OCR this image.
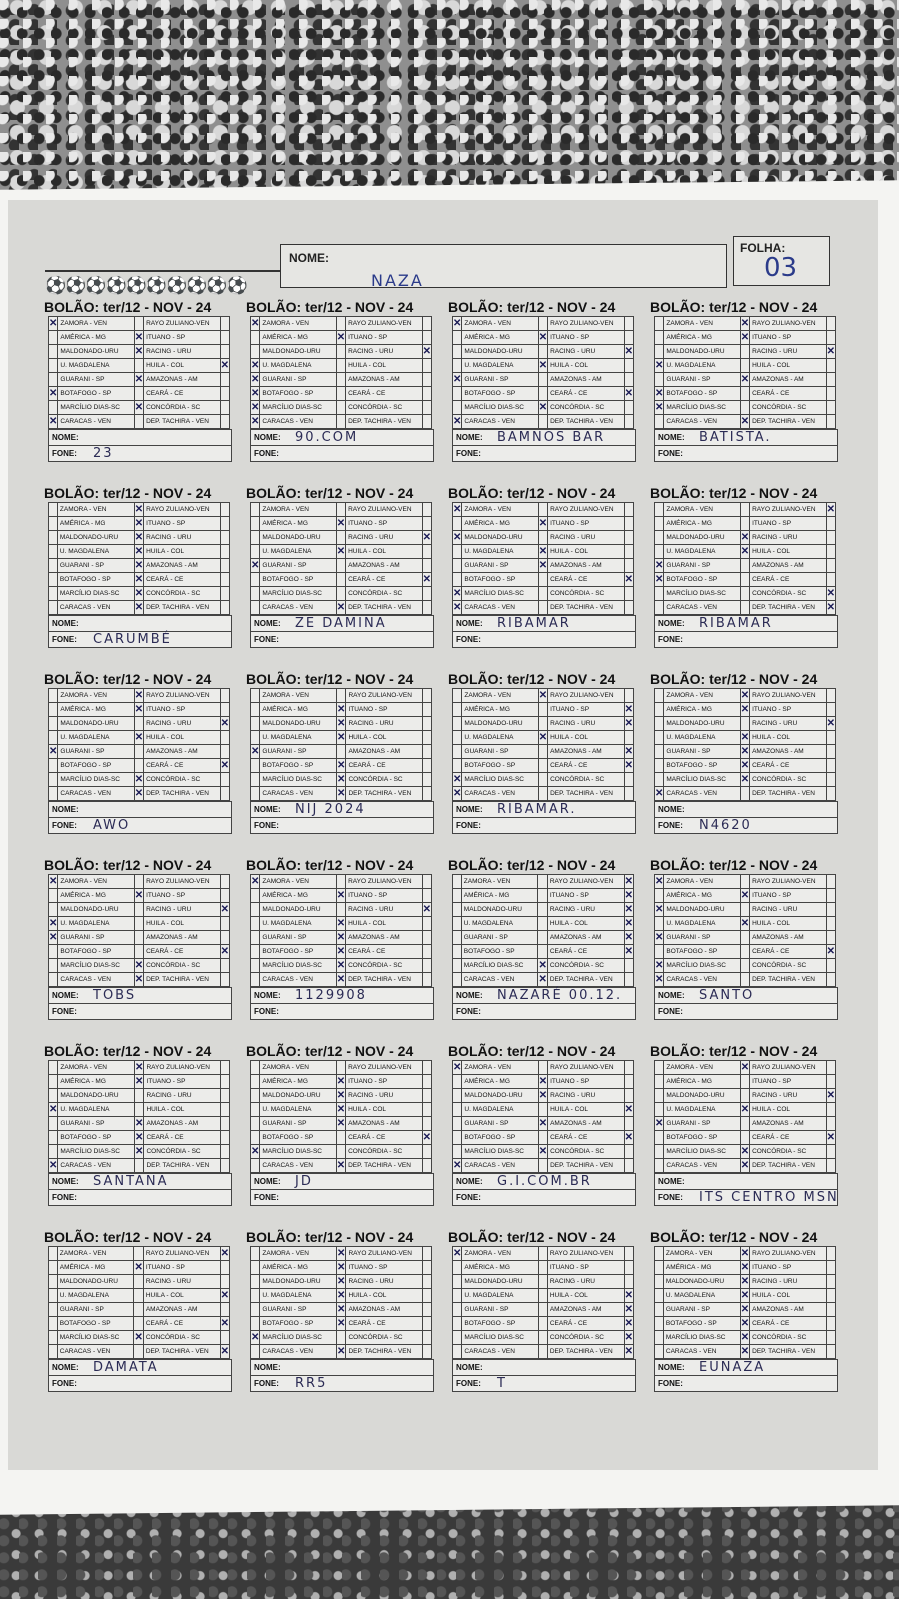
⚽⚽⚽⚽⚽⚽⚽⚽⚽⚽
NOME:
NAZA
FOLHA:
03
BOLÃO: ter/12 - NOV - 24
✕	ZAMORA - VEN		RAYO ZULIANO-VEN	
	AMÉRICA - MG	✕	ITUANO - SP	
	MALDONADO-URU	✕	RACING - URU	
	U. MAGDALENA		HUILA - COL	✕
	GUARANI - SP	✕	AMAZONAS - AM	
✕	BOTAFOGO - SP		CEARÁ - CE	
	MARCÍLIO DIAS-SC	✕	CONCÓRDIA - SC	
✕	CARACAS - VEN		DEP. TACHIRA - VEN	
NOME:
FONE: 23
BOLÃO: ter/12 - NOV - 24
✕	ZAMORA - VEN		RAYO ZULIANO-VEN	
	AMÉRICA - MG	✕	ITUANO - SP	
	MALDONADO-URU		RACING - URU	✕
✕	U. MAGDALENA		HUILA - COL	
✕	GUARANI - SP		AMAZONAS - AM	
✕	BOTAFOGO - SP		CEARÁ - CE	
✕	MARCÍLIO DIAS-SC		CONCÓRDIA - SC	
✕	CARACAS - VEN		DEP. TACHIRA - VEN	
NOME: 90.COM
FONE:
BOLÃO: ter/12 - NOV - 24
✕	ZAMORA - VEN		RAYO ZULIANO-VEN	
	AMÉRICA - MG	✕	ITUANO - SP	
	MALDONADO-URU		RACING - URU	✕
	U. MAGDALENA	✕	HUILA - COL	
✕	GUARANI - SP		AMAZONAS - AM	
	BOTAFOGO - SP		CEARÁ - CE	✕
	MARCÍLIO DIAS-SC	✕	CONCÓRDIA - SC	
✕	CARACAS - VEN		DEP. TACHIRA - VEN	
NOME: BAMNOS BAR
FONE:
BOLÃO: ter/12 - NOV - 24
	ZAMORA - VEN	✕	RAYO ZULIANO-VEN	
	AMÉRICA - MG	✕	ITUANO - SP	
	MALDONADO-URU		RACING - URU	✕
✕	U. MAGDALENA		HUILA - COL	
	GUARANI - SP	✕	AMAZONAS - AM	
✕	BOTAFOGO - SP		CEARÁ - CE	
✕	MARCÍLIO DIAS-SC		CONCÓRDIA - SC	
	CARACAS - VEN	✕	DEP. TACHIRA - VEN	
NOME: BATISTA.
FONE:
BOLÃO: ter/12 - NOV - 24
	ZAMORA - VEN	✕	RAYO ZULIANO-VEN	
	AMÉRICA - MG	✕	ITUANO - SP	
	MALDONADO-URU	✕	RACING - URU	
	U. MAGDALENA	✕	HUILA - COL	
	GUARANI - SP	✕	AMAZONAS - AM	
	BOTAFOGO - SP	✕	CEARÁ - CE	
	MARCÍLIO DIAS-SC	✕	CONCÓRDIA - SC	
	CARACAS - VEN	✕	DEP. TACHIRA - VEN	
NOME:
FONE: CARUMBÉ
BOLÃO: ter/12 - NOV - 24
	ZAMORA - VEN		RAYO ZULIANO-VEN	
	AMÉRICA - MG	✕	ITUANO - SP	
	MALDONADO-URU		RACING - URU	✕
	U. MAGDALENA	✕	HUILA - COL	
✕	GUARANI - SP		AMAZONAS - AM	
	BOTAFOGO - SP		CEARÁ - CE	✕
	MARCÍLIO DIAS-SC		CONCÓRDIA - SC	
	CARACAS - VEN	✕	DEP. TACHIRA - VEN	
NOME: ZE DAMINA
FONE:
BOLÃO: ter/12 - NOV - 24
✕	ZAMORA - VEN		RAYO ZULIANO-VEN	
	AMÉRICA - MG	✕	ITUANO - SP	
✕	MALDONADO-URU		RACING - URU	
	U. MAGDALENA	✕	HUILA - COL	
	GUARANI - SP	✕	AMAZONAS - AM	
	BOTAFOGO - SP		CEARÁ - CE	✕
✕	MARCÍLIO DIAS-SC		CONCÓRDIA - SC	
✕	CARACAS - VEN		DEP. TACHIRA - VEN	
NOME: RIBAMAR
FONE:
BOLÃO: ter/12 - NOV - 24
	ZAMORA - VEN		RAYO ZULIANO-VEN	✕
	AMÉRICA - MG		ITUANO - SP	
	MALDONADO-URU	✕	RACING - URU	
	U. MAGDALENA	✕	HUILA - COL	
✕	GUARANI - SP		AMAZONAS - AM	
✕	BOTAFOGO - SP		CEARÁ - CE	
	MARCÍLIO DIAS-SC		CONCÓRDIA - SC	✕
	CARACAS - VEN		DEP. TACHIRA - VEN	✕
NOME: RIBAMAR
FONE:
BOLÃO: ter/12 - NOV - 24
	ZAMORA - VEN	✕	RAYO ZULIANO-VEN	
	AMÉRICA - MG	✕	ITUANO - SP	
	MALDONADO-URU		RACING - URU	✕
	U. MAGDALENA	✕	HUILA - COL	
✕	GUARANI - SP		AMAZONAS - AM	
	BOTAFOGO - SP		CEARÁ - CE	✕
	MARCÍLIO DIAS-SC	✕	CONCÓRDIA - SC	
	CARACAS - VEN	✕	DEP. TACHIRA - VEN	
NOME:
FONE: AWO
BOLÃO: ter/12 - NOV - 24
	ZAMORA - VEN		RAYO ZULIANO-VEN	
	AMÉRICA - MG	✕	ITUANO - SP	
	MALDONADO-URU	✕	RACING - URU	
	U. MAGDALENA	✕	HUILA - COL	
✕	GUARANI - SP		AMAZONAS - AM	
	BOTAFOGO - SP	✕	CEARÁ - CE	
	MARCÍLIO DIAS-SC	✕	CONCÓRDIA - SC	
	CARACAS - VEN	✕	DEP. TACHIRA - VEN	
NOME: NIJ 2024
FONE:
BOLÃO: ter/12 - NOV - 24
	ZAMORA - VEN	✕	RAYO ZULIANO-VEN	
	AMÉRICA - MG		ITUANO - SP	✕
	MALDONADO-URU		RACING - URU	✕
	U. MAGDALENA	✕	HUILA - COL	
	GUARANI - SP		AMAZONAS - AM	✕
	BOTAFOGO - SP		CEARÁ - CE	✕
✕	MARCÍLIO DIAS-SC		CONCÓRDIA - SC	
✕	CARACAS - VEN		DEP. TACHIRA - VEN	
NOME: RIBAMAR.
FONE:
BOLÃO: ter/12 - NOV - 24
	ZAMORA - VEN	✕	RAYO ZULIANO-VEN	
	AMÉRICA - MG	✕	ITUANO - SP	
	MALDONADO-URU		RACING - URU	✕
	U. MAGDALENA	✕	HUILA - COL	
	GUARANI - SP	✕	AMAZONAS - AM	
	BOTAFOGO - SP	✕	CEARÁ - CE	
	MARCÍLIO DIAS-SC	✕	CONCÓRDIA - SC	
✕	CARACAS - VEN		DEP. TACHIRA - VEN	
NOME:
FONE: N4620
BOLÃO: ter/12 - NOV - 24
✕	ZAMORA - VEN		RAYO ZULIANO-VEN	
	AMÉRICA - MG	✕	ITUANO - SP	
	MALDONADO-URU		RACING - URU	✕
✕	U. MAGDALENA		HUILA - COL	
✕	GUARANI - SP		AMAZONAS - AM	
	BOTAFOGO - SP		CEARÁ - CE	✕
	MARCÍLIO DIAS-SC	✕	CONCÓRDIA - SC	
	CARACAS - VEN	✕	DEP. TACHIRA - VEN	
NOME: TOBS
FONE:
BOLÃO: ter/12 - NOV - 24
✕	ZAMORA - VEN		RAYO ZULIANO-VEN	
	AMÉRICA - MG	✕	ITUANO - SP	
	MALDONADO-URU		RACING - URU	✕
	U. MAGDALENA	✕	HUILA - COL	
	GUARANI - SP	✕	AMAZONAS - AM	
	BOTAFOGO - SP	✕	CEARÁ - CE	
	MARCÍLIO DIAS-SC	✕	CONCÓRDIA - SC	
	CARACAS - VEN	✕	DEP. TACHIRA - VEN	
NOME: 1129908
FONE:
BOLÃO: ter/12 - NOV - 24
	ZAMORA - VEN		RAYO ZULIANO-VEN	✕
	AMÉRICA - MG		ITUANO - SP	✕
	MALDONADO-URU		RACING - URU	✕
	U. MAGDALENA		HUILA - COL	✕
	GUARANI - SP		AMAZONAS - AM	✕
	BOTAFOGO - SP		CEARÁ - CE	✕
	MARCÍLIO DIAS-SC	✕	CONCÓRDIA - SC	
	CARACAS - VEN	✕	DEP. TACHIRA - VEN	
NOME: NAZARÉ 00.12.
FONE:
BOLÃO: ter/12 - NOV - 24
✕	ZAMORA - VEN		RAYO ZULIANO-VEN	
	AMÉRICA - MG	✕	ITUANO - SP	
✕	MALDONADO-URU		RACING - URU	
	U. MAGDALENA	✕	HUILA - COL	
✕	GUARANI - SP		AMAZONAS - AM	
	BOTAFOGO - SP		CEARÁ - CE	✕
✕	MARCÍLIO DIAS-SC		CONCÓRDIA - SC	
✕	CARACAS - VEN		DEP. TACHIRA - VEN	
NOME: SANTO
FONE:
BOLÃO: ter/12 - NOV - 24
	ZAMORA - VEN	✕	RAYO ZULIANO-VEN	
	AMÉRICA - MG	✕	ITUANO - SP	
	MALDONADO-URU		RACING - URU	
✕	U. MAGDALENA		HUILA - COL	
	GUARANI - SP	✕	AMAZONAS - AM	
	BOTAFOGO - SP	✕	CEARÁ - CE	
	MARCÍLIO DIAS-SC	✕	CONCÓRDIA - SC	
✕	CARACAS - VEN		DEP. TACHIRA - VEN	
NOME: SANTANA
FONE:
BOLÃO: ter/12 - NOV - 24
	ZAMORA - VEN		RAYO ZULIANO-VEN	
	AMÉRICA - MG	✕	ITUANO - SP	
	MALDONADO-URU	✕	RACING - URU	
	U. MAGDALENA	✕	HUILA - COL	
	GUARANI - SP	✕	AMAZONAS - AM	
	BOTAFOGO - SP		CEARÁ - CE	✕
✕	MARCÍLIO DIAS-SC		CONCÓRDIA - SC	
	CARACAS - VEN	✕	DEP. TACHIRA - VEN	
NOME: JD
FONE:
BOLÃO: ter/12 - NOV - 24
✕	ZAMORA - VEN		RAYO ZULIANO-VEN	
	AMÉRICA - MG	✕	ITUANO - SP	
	MALDONADO-URU	✕	RACING - URU	
	U. MAGDALENA		HUILA - COL	✕
	GUARANI - SP	✕	AMAZONAS - AM	
	BOTAFOGO - SP		CEARÁ - CE	✕
	MARCÍLIO DIAS-SC	✕	CONCÓRDIA - SC	
✕	CARACAS - VEN		DEP. TACHIRA - VEN	
NOME: G.I.COM.BR
FONE:
BOLÃO: ter/12 - NOV - 24
	ZAMORA - VEN	✕	RAYO ZULIANO-VEN	
	AMÉRICA - MG		ITUANO - SP	
	MALDONADO-URU		RACING - URU	✕
	U. MAGDALENA	✕	HUILA - COL	
✕	GUARANI - SP		AMAZONAS - AM	
	BOTAFOGO - SP		CEARÁ - CE	✕
	MARCÍLIO DIAS-SC	✕	CONCÓRDIA - SC	
	CARACAS - VEN	✕	DEP. TACHIRA - VEN	
NOME:
FONE: ITS CENTRO MSN
BOLÃO: ter/12 - NOV - 24
	ZAMORA - VEN		RAYO ZULIANO-VEN	✕
	AMÉRICA - MG	✕	ITUANO - SP	
	MALDONADO-URU		RACING - URU	
	U. MAGDALENA		HUILA - COL	✕
	GUARANI - SP		AMAZONAS - AM	
	BOTAFOGO - SP		CEARÁ - CE	✕
	MARCÍLIO DIAS-SC	✕	CONCÓRDIA - SC	
	CARACAS - VEN		DEP. TACHIRA - VEN	✕
NOME: DAMATA
FONE:
BOLÃO: ter/12 - NOV - 24
	ZAMORA - VEN	✕	RAYO ZULIANO-VEN	
	AMÉRICA - MG	✕	ITUANO - SP	
	MALDONADO-URU	✕	RACING - URU	
	U. MAGDALENA	✕	HUILA - COL	
	GUARANI - SP	✕	AMAZONAS - AM	
	BOTAFOGO - SP	✕	CEARÁ - CE	
✕	MARCÍLIO DIAS-SC		CONCÓRDIA - SC	
	CARACAS - VEN	✕	DEP. TACHIRA - VEN	
NOME:
FONE: RR5
BOLÃO: ter/12 - NOV - 24
✕	ZAMORA - VEN		RAYO ZULIANO-VEN	
	AMÉRICA - MG		ITUANO - SP	
	MALDONADO-URU		RACING - URU	
	U. MAGDALENA		HUILA - COL	✕
	GUARANI - SP		AMAZONAS - AM	✕
	BOTAFOGO - SP		CEARÁ - CE	✕
	MARCÍLIO DIAS-SC		CONCÓRDIA - SC	✕
	CARACAS - VEN		DEP. TACHIRA - VEN	✕
NOME:
FONE: T
BOLÃO: ter/12 - NOV - 24
	ZAMORA - VEN	✕	RAYO ZULIANO-VEN	
	AMÉRICA - MG	✕	ITUANO - SP	
	MALDONADO-URU	✕	RACING - URU	
	U. MAGDALENA	✕	HUILA - COL	
	GUARANI - SP	✕	AMAZONAS - AM	
	BOTAFOGO - SP	✕	CEARÁ - CE	
	MARCÍLIO DIAS-SC	✕	CONCÓRDIA - SC	
	CARACAS - VEN	✕	DEP. TACHIRA - VEN	
NOME: EUNAZA
FONE:
